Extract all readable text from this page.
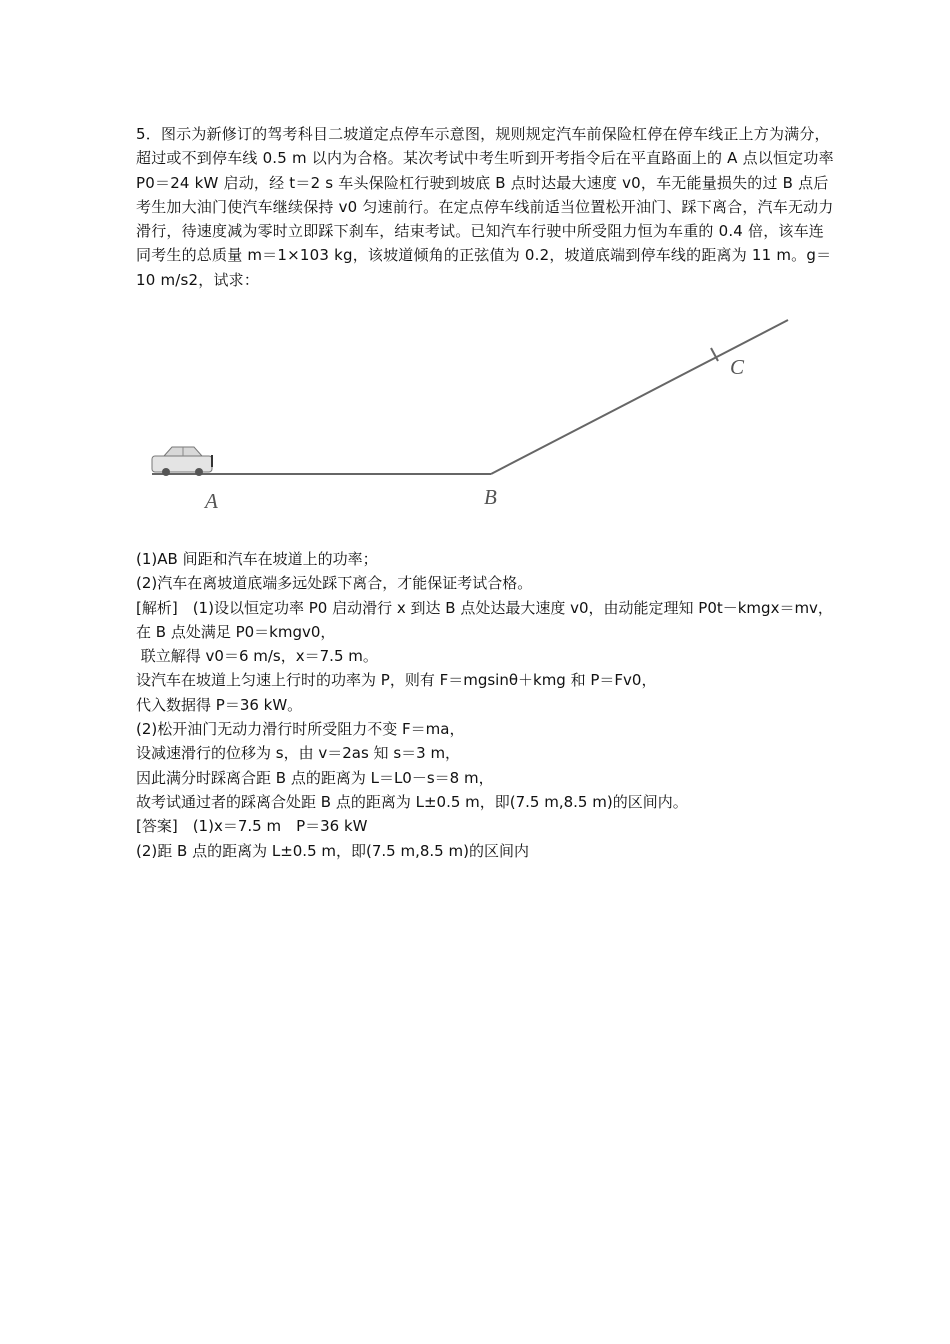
5．图示为新修订的驾考科目二坡道定点停车示意图，规则规定汽车前保险杠停在停车线正上方为满分，超过或不到停车线 0.5 m 以内为合格。某次考试中考生听到开考指令后在平直路面上的 A 点以恒定功率 P0＝24 kW 启动，经 t＝2 s 车头保险杠行驶到坡底 B 点时达最大速度 v0，车无能量损失的过 B 点后考生加大油门使汽车继续保持 v0 匀速前行。在定点停车线前适当位置松开油门、踩下离合，汽车无动力滑行，待速度减为零时立即踩下刹车，结束考试。已知汽车行驶中所受阻力恒为车重的 0.4 倍，该车连同考生的总质量 m＝1×103 kg，该坡道倾角的正弦值为 0.2，坡道底端到停车线的距离为 11 m。g＝10 m/s2，试求：

A	B
C

(1)AB 间距和汽车在坡道上的功率；

(2)汽车在离坡道底端多远处踩下离合，才能保证考试合格。

[解析]　(1)设以恒定功率 P0 启动滑行 x 到达 B 点处达最大速度 v0，由动能定理知 P0t－kmgx＝mv，

在 B 点处满足 P0＝kmgv0，

联立解得 v0＝6 m/s，x＝7.5 m。

设汽车在坡道上匀速上行时的功率为 P，则有 F＝mgsinθ＋kmg 和 P＝Fv0，

代入数据得 P＝36 kW。

(2)松开油门无动力滑行时所受阻力不变 F＝ma，

设减速滑行的位移为 s，由 v＝2as 知 s＝3 m，

因此满分时踩离合距 B 点的距离为 L＝L0－s＝8 m，

故考试通过者的踩离合处距 B 点的距离为 L±0.5 m，即(7.5 m,8.5 m)的区间内。

[答案]　(1)x＝7.5 m　P＝36 kW

(2)距 B 点的距离为 L±0.5 m，即(7.5 m,8.5 m)的区间内
